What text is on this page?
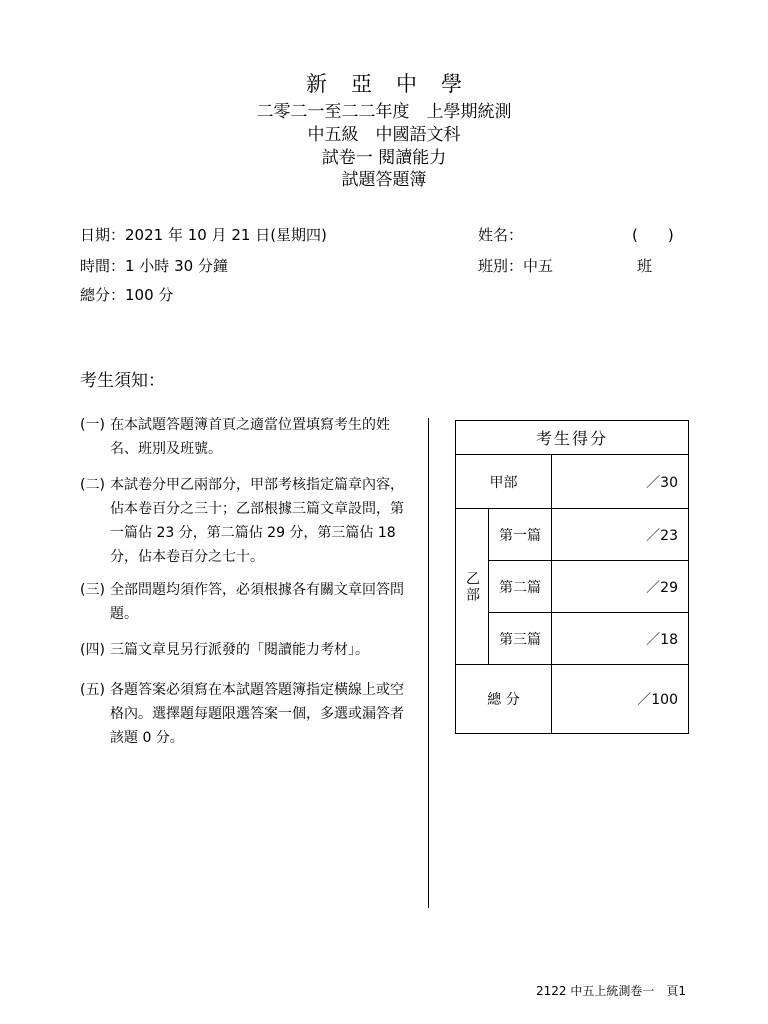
新亞中學
二零二一至二二年度　上學期統測
中五級　中國語文科
試卷一 閱讀能力
試題答題簿
日期：2021 年 10 月 21 日(星期四)
時間：1 小時 30 分鐘
總分：100 分
姓名：	(　　)
班別：中五	班
考生須知：
(一) 在本試題答題簿首頁之適當位置填寫考生的姓名、班別及班號。
(二) 本試卷分甲乙兩部分，甲部考核指定篇章內容，佔本卷百分之三十；乙部根據三篇文章設問，第一篇佔 23 分，第二篇佔 29 分，第三篇佔 18 分，佔本卷百分之七十。
(三) 全部問題均須作答，必須根據各有關文章回答問題。
(四) 三篇文章見另行派發的「閱讀能力考材」。
(五) 各題答案必須寫在本試題答題簿指定橫線上或空格內。選擇題每題限選答案一個，多選或漏答者該題 0 分。
考生得分		
甲部		／30

乙部	第一篇	／23
	第二篇	／29
	第三篇	／18
總 分		／100
2122 中五上統測卷一　頁1
